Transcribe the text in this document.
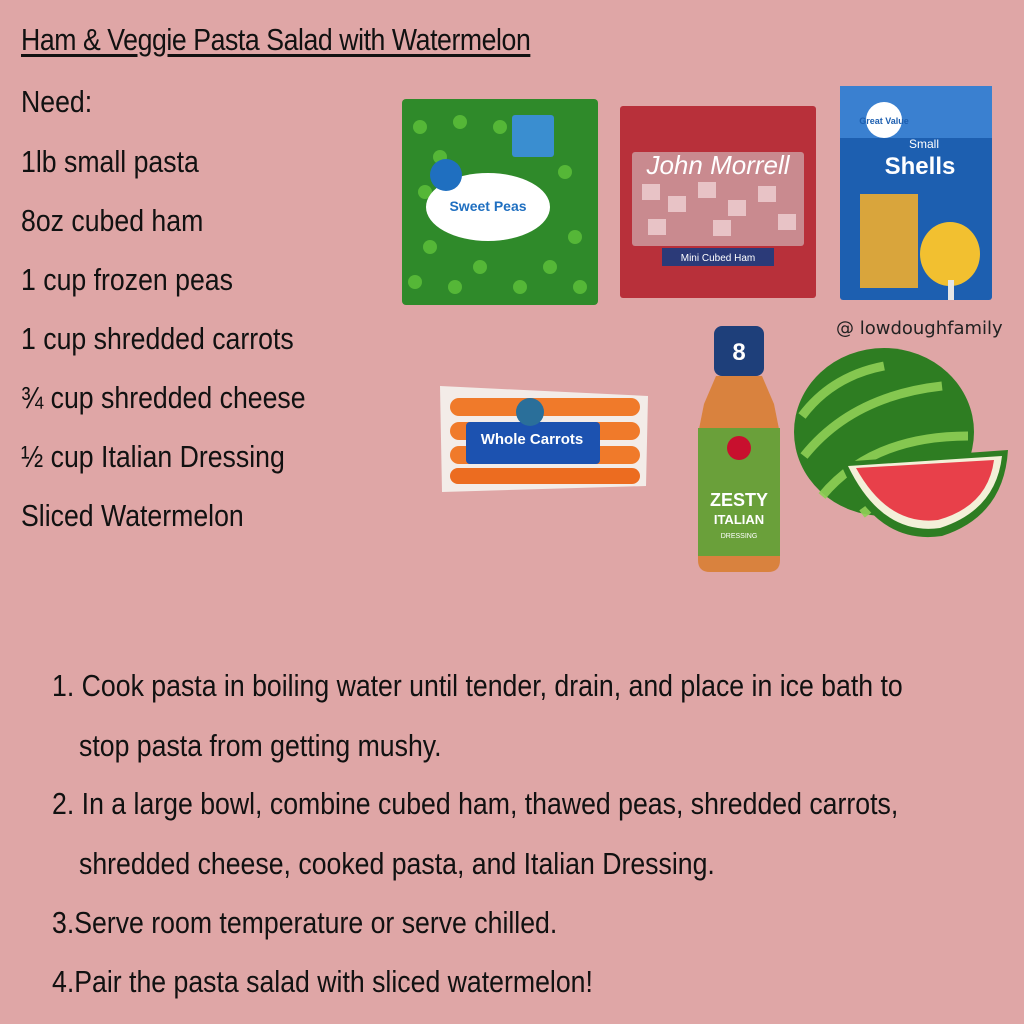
Ham & Veggie Pasta Salad with Watermelon
Need:
1lb small pasta
8oz cubed ham
1 cup frozen peas
1 cup shredded carrots
¾ cup shredded cheese
½ cup Italian Dressing
Sliced Watermelon
Sweet Peas
John Morrell
Mini Cubed Ham
Great Value
Small
Shells
@ lowdoughfamily
Whole Carrots
8
ZESTY
ITALIAN
DRESSING
1. Cook pasta in boiling water until tender, drain, and place in ice bath to
stop pasta from getting mushy.
2. In a large bowl, combine cubed ham, thawed peas, shredded carrots,
shredded cheese, cooked pasta, and Italian Dressing.
3.Serve room temperature or serve chilled.
4.Pair the pasta salad with sliced watermelon!
